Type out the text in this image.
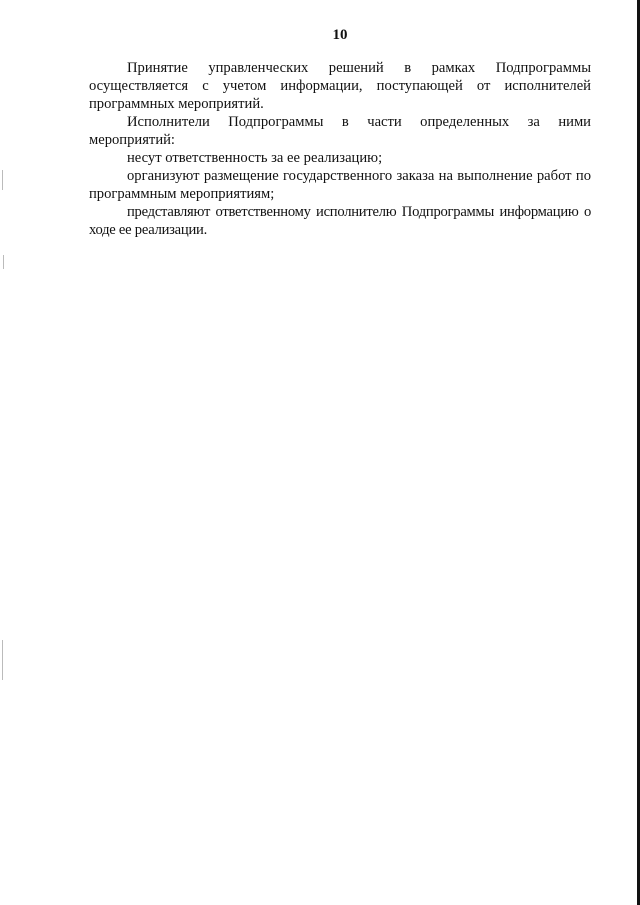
10

Принятие управленческих решений в рамках Подпрограммы осуществляется с учетом информации, поступающей от исполнителей программных мероприятий.

Исполнители Подпрограммы в части определенных за ними мероприятий:

несут ответственность за ее реализацию;

организуют размещение государственного заказа на выполнение работ по программным мероприятиям;

представляют ответственному исполнителю Подпрограммы информацию о ходе ее реализации.
